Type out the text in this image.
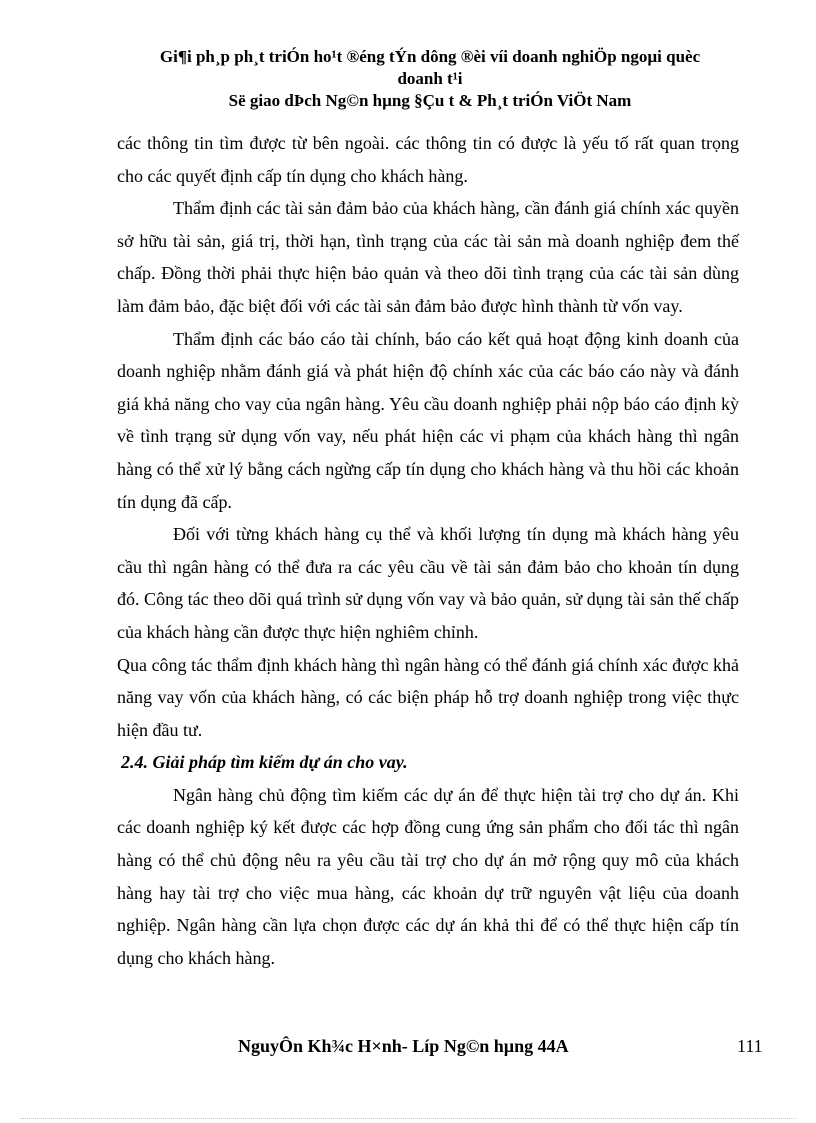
Gi¶i ph¸p ph¸t triÓn ho¹t ®éng tÝn dông ®èi víi doanh nghiÖp ngoµi quèc
doanh t¹i
Së giao dÞch Ng©n hµng §Çu t & Ph¸t triÓn ViÖt Nam

các thông tin tìm được từ bên ngoài. các thông tin có được là yếu tố rất quan trọng cho các quyết định cấp tín dụng cho khách hàng.

Thẩm định các tài sản đảm bảo của khách hàng, cần đánh giá chính xác quyền sở hữu tài sản, giá trị, thời hạn, tình trạng của các tài sản mà doanh nghiệp đem thế chấp. Đồng thời phải thực hiện bảo quản và theo dõi tình trạng của các tài sản dùng làm đảm bảo, đặc biệt đối với các tài sản đảm bảo được hình thành từ vốn vay.

Thẩm định các báo cáo tài chính, báo cáo kết quả hoạt động kinh doanh của doanh nghiệp nhằm đánh giá và phát hiện độ chính xác của các báo cáo này và đánh giá khả năng cho vay của ngân hàng. Yêu cầu doanh nghiệp phải nộp báo cáo định kỳ về tình trạng sử dụng vốn vay, nếu phát hiện các vi phạm của khách hàng thì ngân hàng có thể xử lý bằng cách ngừng cấp tín dụng cho khách hàng và thu hồi các khoản tín dụng đã cấp.

Đối với từng khách hàng cụ thể và khối lượng tín dụng mà khách hàng yêu cầu thì ngân hàng có thể đưa ra các yêu cầu về tài sản đảm bảo cho khoản tín dụng đó. Công tác theo dõi quá trình sử dụng vốn vay và bảo quản, sử dụng tài sản thế chấp của khách hàng cần được thực hiện nghiêm chỉnh.

Qua công tác thẩm định khách hàng thì ngân hàng có thể đánh giá chính xác được khả năng vay vốn của khách hàng, có các biện pháp hỗ trợ doanh nghiệp trong việc thực hiện đầu tư.

2.4. Giải pháp tìm kiếm dự án cho vay.

Ngân hàng chủ động tìm kiếm các dự án để thực hiện tài trợ cho dự án. Khi các doanh nghiệp ký kết được các hợp đồng cung ứng sản phẩm cho đối tác thì ngân hàng có thể chủ động nêu ra yêu cầu tài trợ cho dự án mở rộng quy mô của khách hàng hay tài trợ cho việc mua hàng, các khoản dự trữ nguyên vật liệu của doanh nghiệp. Ngân hàng cần lựa chọn được các dự án khả thi để có thể thực hiện cấp tín dụng cho khách hàng.

NguyÔn Kh¾c H×nh- Líp Ng©n hµng 44A	111
